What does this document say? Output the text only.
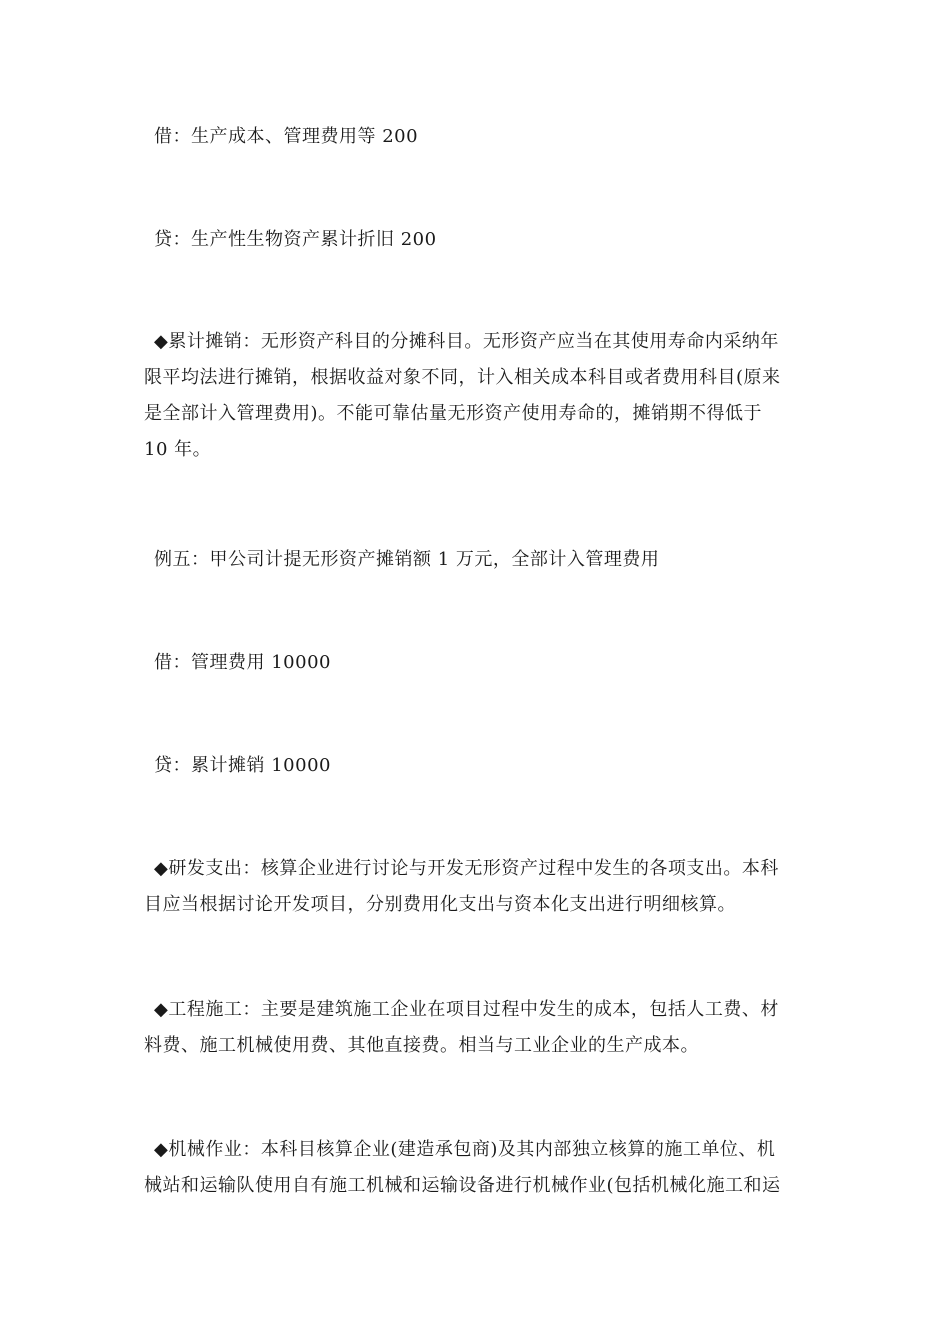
借：生产成本、管理费用等 200

贷：生产性生物资产累计折旧 200

◆累计摊销：无形资产科目的分摊科目。无形资产应当在其使用寿命内采纳年
限平均法进行摊销，根据收益对象不同，计入相关成本科目或者费用科目(原来
是全部计入管理费用)。不能可靠估量无形资产使用寿命的，摊销期不得低于
10 年。

例五：甲公司计提无形资产摊销额 1 万元，全部计入管理费用

借：管理费用 10000

贷：累计摊销 10000

◆研发支出：核算企业进行讨论与开发无形资产过程中发生的各项支出。本科
目应当根据讨论开发项目，分别费用化支出与资本化支出进行明细核算。

◆工程施工：主要是建筑施工企业在项目过程中发生的成本，包括人工费、材
料费、施工机械使用费、其他直接费。相当与工业企业的生产成本。

◆机械作业：本科目核算企业(建造承包商)及其内部独立核算的施工单位、机
械站和运输队使用自有施工机械和运输设备进行机械作业(包括机械化施工和运
